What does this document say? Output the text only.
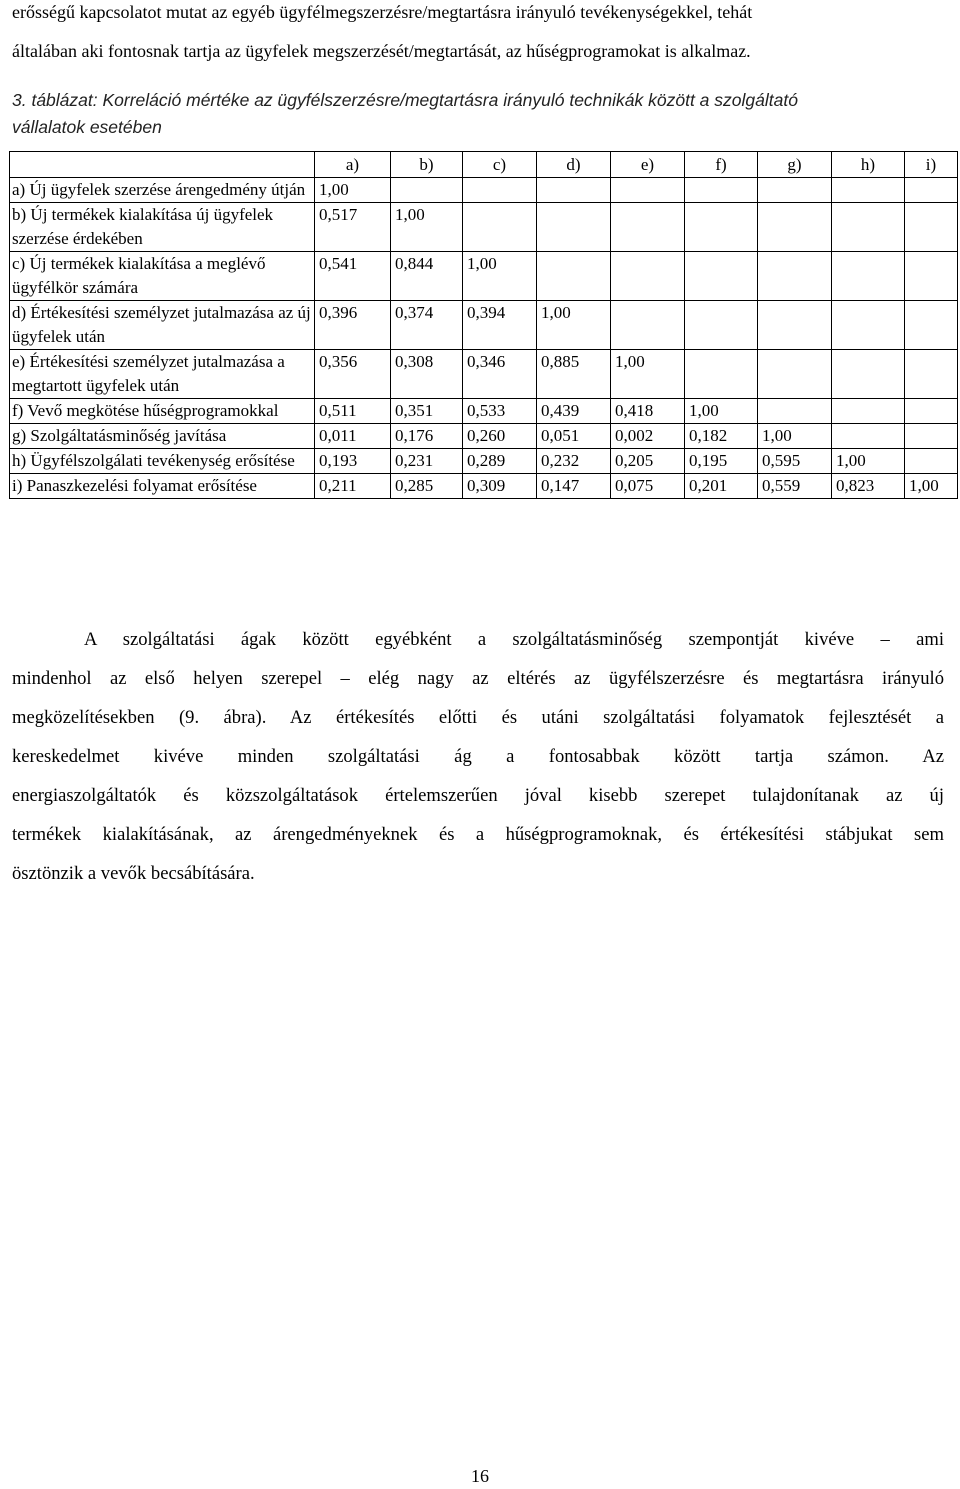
erősségű kapcsolatot mutat az egyéb ügyfélmegszerzésre/megtartásra irányuló tevékenységekkel, tehát
általában aki fontosnak tartja az ügyfelek megszerzését/megtartását, az hűségprogramokat is alkalmaz.
3. táblázat: Korreláció mértéke az ügyfélszerzésre/megtartásra irányuló technikák között a szolgáltató
vállalatok esetében
	a)	b)	c)	d)	e)	f)	g)	h)	i)
a) Új ügyfelek szerzése árengedmény útján	1,00								
b) Új termékek kialakítása új ügyfelek szerzése érdekében	0,517	1,00							
c) Új termékek kialakítása a meglévő ügyfélkör számára	0,541	0,844	1,00						
d) Értékesítési személyzet jutalmazása az új ügyfelek után	0,396	0,374	0,394	1,00					
e) Értékesítési személyzet jutalmazása a megtartott ügyfelek után	0,356	0,308	0,346	0,885	1,00				
f) Vevő megkötése hűségprogramokkal	0,511	0,351	0,533	0,439	0,418	1,00			
g) Szolgáltatásminőség javítása	0,011	0,176	0,260	0,051	0,002	0,182	1,00		
h) Ügyfélszolgálati tevékenység erősítése	0,193	0,231	0,289	0,232	0,205	0,195	0,595	1,00	
i) Panaszkezelési folyamat erősítése	0,211	0,285	0,309	0,147	0,075	0,201	0,559	0,823	1,00
A szolgáltatási ágak között egyébként a szolgáltatásminőség szempontját kivéve – ami
mindenhol az első helyen szerepel – elég nagy az eltérés az ügyfélszerzésre és megtartásra irányuló
megközelítésekben (9. ábra). Az értékesítés előtti és utáni szolgáltatási folyamatok fejlesztését a
kereskedelmet kivéve minden szolgáltatási ág a fontosabbak között tartja számon. Az
energiaszolgáltatók és közszolgáltatások értelemszerűen jóval kisebb szerepet tulajdonítanak az új
termékek kialakításának, az árengedményeknek és a hűségprogramoknak, és értékesítési stábjukat sem
ösztönzik a vevők becsábítására.
16
